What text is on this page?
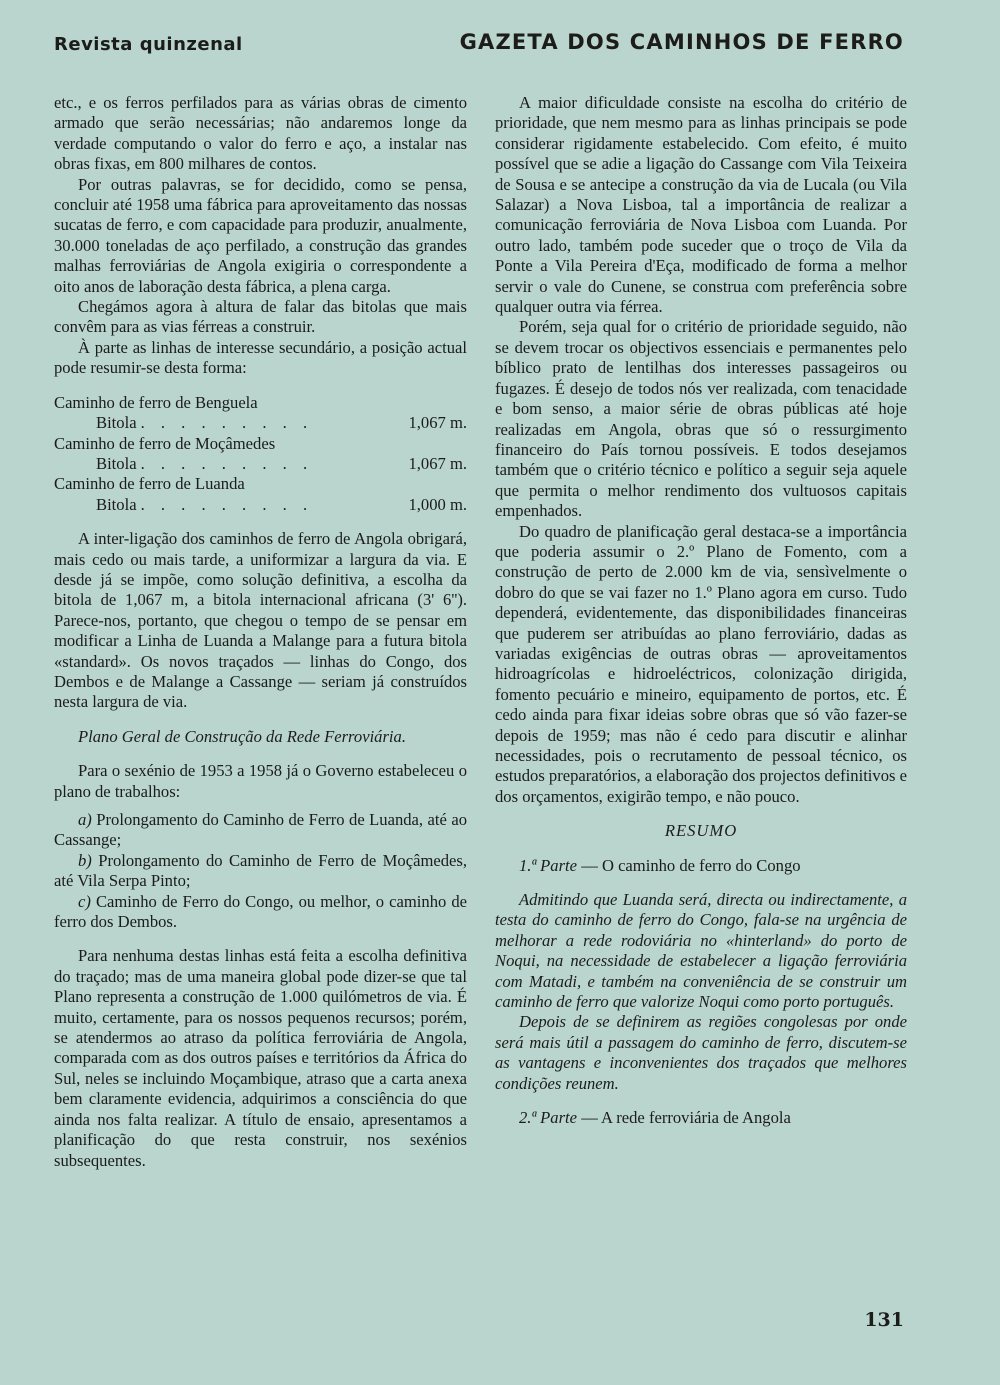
Revista quinzenal	GAZETA DOS CAMINHOS DE FERRO

etc., e os ferros perfilados para as várias obras de cimento armado que serão necessárias; não andaremos longe da verdade computando o valor do ferro e aço, a instalar nas obras fixas, em 800 milhares de contos.

Por outras palavras, se for decidido, como se pensa, concluir até 1958 uma fábrica para aproveitamento das nossas sucatas de ferro, e com capacidade para produzir, anualmente, 30.000 toneladas de aço perfilado, a construção das grandes malhas ferroviárias de Angola exigiria o correspondente a oito anos de laboração desta fábrica, a plena carga.

Chegámos agora à altura de falar das bitolas que mais convêm para as vias férreas a construir.

À parte as linhas de interesse secundário, a posição actual pode resumir-se desta forma:

Caminho de ferro de Benguela
Bitola . . . . . . . . .	1,067 m.
Caminho de ferro de Moçâmedes
Bitola . . . . . . . . .	1,067 m.
Caminho de ferro de Luanda
Bitola . . . . . . . . .	1,000 m.

A inter-ligação dos caminhos de ferro de Angola obrigará, mais cedo ou mais tarde, a uniformizar a largura da via. E desde já se impõe, como solução definitiva, a escolha da bitola de 1,067 m, a bitola internacional africana (3' 6''). Parece-nos, portanto, que chegou o tempo de se pensar em modificar a Linha de Luanda a Malange para a futura bitola «standard». Os novos traçados — linhas do Congo, dos Dembos e de Malange a Cassange — seriam já construídos nesta largura de via.

Plano Geral de Construção da Rede Ferroviária.

Para o sexénio de 1953 a 1958 já o Governo estabeleceu o plano de trabalhos:

a) Prolongamento do Caminho de Ferro de Luanda, até ao Cassange;

b) Prolongamento do Caminho de Ferro de Moçâmedes, até Vila Serpa Pinto;

c) Caminho de Ferro do Congo, ou melhor, o caminho de ferro dos Dembos.

Para nenhuma destas linhas está feita a escolha definitiva do traçado; mas de uma maneira global pode dizer-se que tal Plano representa a construção de 1.000 quilómetros de via. É muito, certamente, para os nossos pequenos recursos; porém, se atendermos ao atraso da política ferroviária de Angola, comparada com as dos outros países e territórios da África do Sul, neles se incluindo Moçambique, atraso que a carta anexa bem claramente evidencia, adquirimos a consciência do que ainda nos falta realizar. A título de ensaio, apresentamos a planificação do que resta construir, nos sexénios subsequentes.

A maior dificuldade consiste na escolha do critério de prioridade, que nem mesmo para as linhas principais se pode considerar rigidamente estabelecido. Com efeito, é muito possível que se adie a ligação do Cassange com Vila Teixeira de Sousa e se antecipe a construção da via de Lucala (ou Vila Salazar) a Nova Lisboa, tal a importância de realizar a comunicação ferroviária de Nova Lisboa com Luanda. Por outro lado, também pode suceder que o troço de Vila da Ponte a Vila Pereira d'Eça, modificado de forma a melhor servir o vale do Cunene, se construa com preferência sobre qualquer outra via férrea.

Porém, seja qual for o critério de prioridade seguido, não se devem trocar os objectivos essenciais e permanentes pelo bíblico prato de lentilhas dos interesses passageiros ou fugazes. É desejo de todos nós ver realizada, com tenacidade e bom senso, a maior série de obras públicas até hoje realizadas em Angola, obras que só o ressurgimento financeiro do País tornou possíveis. E todos desejamos também que o critério técnico e político a seguir seja aquele que permita o melhor rendimento dos vultuosos capitais empenhados.

Do quadro de planificação geral destaca-se a importância que poderia assumir o 2.º Plano de Fomento, com a construção de perto de 2.000 km de via, sensìvelmente o dobro do que se vai fazer no 1.º Plano agora em curso. Tudo dependerá, evidentemente, das disponibilidades financeiras que puderem ser atribuídas ao plano ferroviário, dadas as variadas exigências de outras obras — aproveitamentos hidroagrícolas e hidroeléctricos, colonização dirigida, fomento pecuário e mineiro, equipamento de portos, etc. É cedo ainda para fixar ideias sobre obras que só vão fazer-se depois de 1959; mas não é cedo para discutir e alinhar necessidades, pois o recrutamento de pessoal técnico, os estudos preparatórios, a elaboração dos projectos definitivos e dos orçamentos, exigirão tempo, e não pouco.

RESUMO

1.ª Parte — O caminho de ferro do Congo

Admitindo que Luanda será, directa ou indirectamente, a testa do caminho de ferro do Congo, fala-se na urgência de melhorar a rede rodoviária no «hinterland» do porto de Noqui, na necessidade de estabelecer a ligação ferroviária com Matadi, e também na conveniência de se construir um caminho de ferro que valorize Noqui como porto português.

Depois de se definirem as regiões congolesas por onde será mais útil a passagem do caminho de ferro, discutem-se as vantagens e inconvenientes dos traçados que melhores condições reunem.

2.ª Parte — A rede ferroviária de Angola

131
